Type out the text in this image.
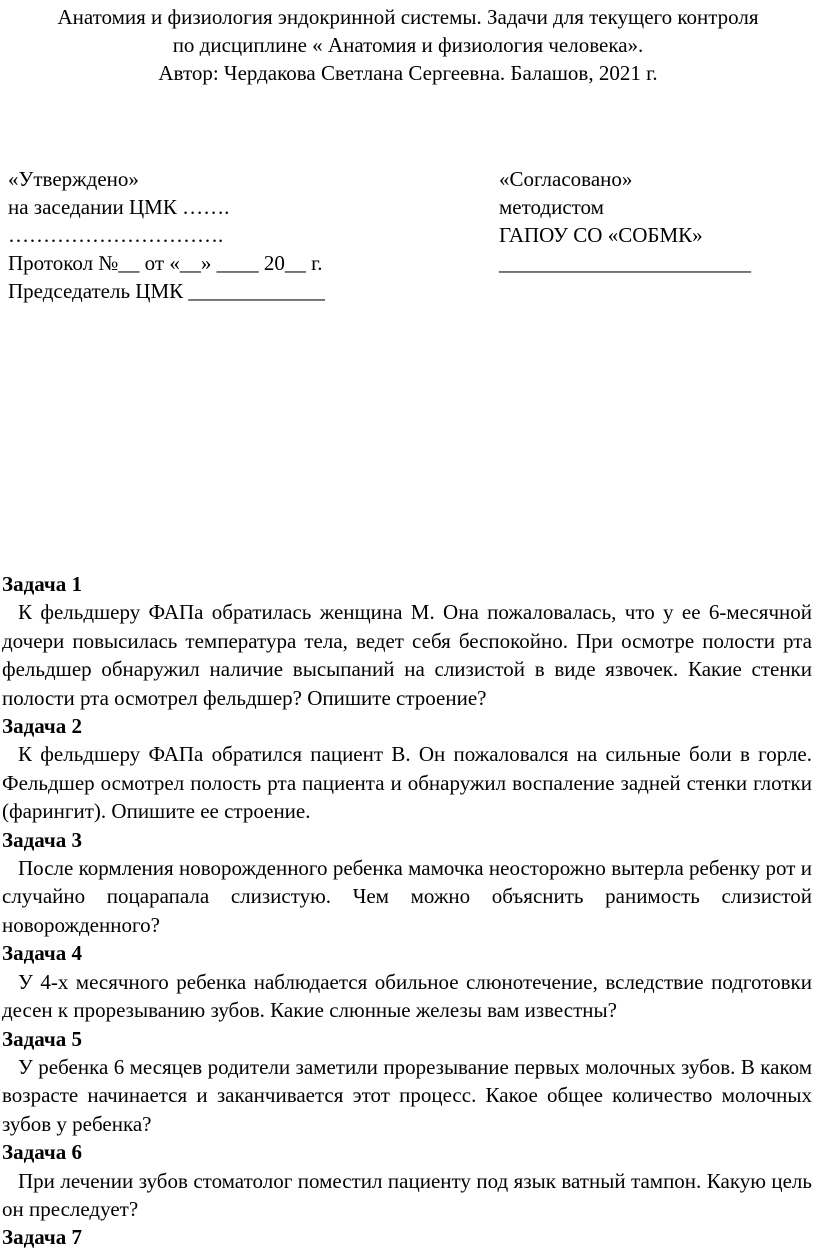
Анатомия и физиология эндокринной системы. Задачи для текущего контроля
по дисциплине « Анатомия и физиология человека».
Автор: Чердакова Светлана Сергеевна. Балашов, 2021 г.
«Утверждено»
на заседании ЦМК …….
………………………….
Протокол №__ от «__» ____ 20__ г.
Председатель ЦМК _____________
«Согласовано»
методистом
ГАПОУ СО «СОБМК»
________________________
Задача 1

К фельдшеру ФАПа обратилась женщина М. Она пожаловалась, что у ее 6-месячной дочери повысилась температура тела, ведет себя беспокойно. При осмотре полости рта фельдшер обнаружил наличие высыпаний на слизистой в виде язвочек. Какие стенки полости рта осмотрел фельдшер? Опишите строение?

Задача 2

К фельдшеру ФАПа обратился пациент В. Он пожаловался на сильные боли в горле. Фельдшер осмотрел полость рта пациента и обнаружил воспаление задней стенки глотки (фарингит). Опишите ее строение.

Задача 3

После кормления новорожденного ребенка мамочка неосторожно вытерла ребенку рот и случайно поцарапала слизистую. Чем можно объяснить ранимость слизистой новорожденного?

Задача 4

У 4-х месячного ребенка наблюдается обильное слюнотечение, вследствие подготовки десен к прорезыванию зубов. Какие слюнные железы вам известны?

Задача 5

У ребенка 6 месяцев родители заметили прорезывание первых молочных зубов. В каком возрасте начинается и заканчивается этот процесс. Какое общее количество молочных зубов у ребенка?

Задача 6

При лечении зубов стоматолог поместил пациенту под язык ватный тампон. Какую цель он преследует?

Задача 7
